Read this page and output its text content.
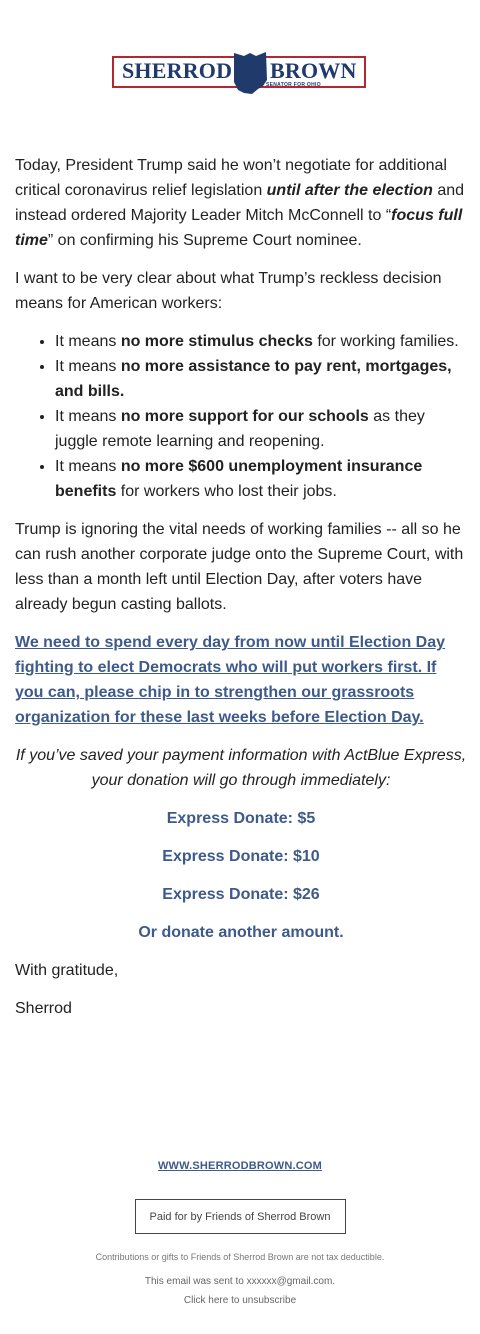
SHERROD BROWN
SENATOR FOR OHIO

Today, President Trump said he won’t negotiate for additional critical coronavirus relief legislation until after the election and instead ordered Majority Leader Mitch McConnell to “focus full time” on confirming his Supreme Court nominee.

I want to be very clear about what Trump’s reckless decision means for American workers:

• It means no more stimulus checks for working families.
• It means no more assistance to pay rent, mortgages, and bills.
• It means no more support for our schools as they juggle remote learning and reopening.
• It means no more $600 unemployment insurance benefits for workers who lost their jobs.

Trump is ignoring the vital needs of working families -- all so he can rush another corporate judge onto the Supreme Court, with less than a month left until Election Day, after voters have already begun casting ballots.

We need to spend every day from now until Election Day fighting to elect Democrats who will put workers first. If you can, please chip in to strengthen our grassroots organization for these last weeks before Election Day.

If you’ve saved your payment information with ActBlue Express, your donation will go through immediately:

Express Donate: $5

Express Donate: $10

Express Donate: $26

Or donate another amount.

With gratitude,

Sherrod

WWW.SHERRODBROWN.COM
Paid for by Friends of Sherrod Brown
Contributions or gifts to Friends of Sherrod Brown are not tax deductible.
This email was sent to xxxxxx@gmail.com.
Click here to unsubscribe
